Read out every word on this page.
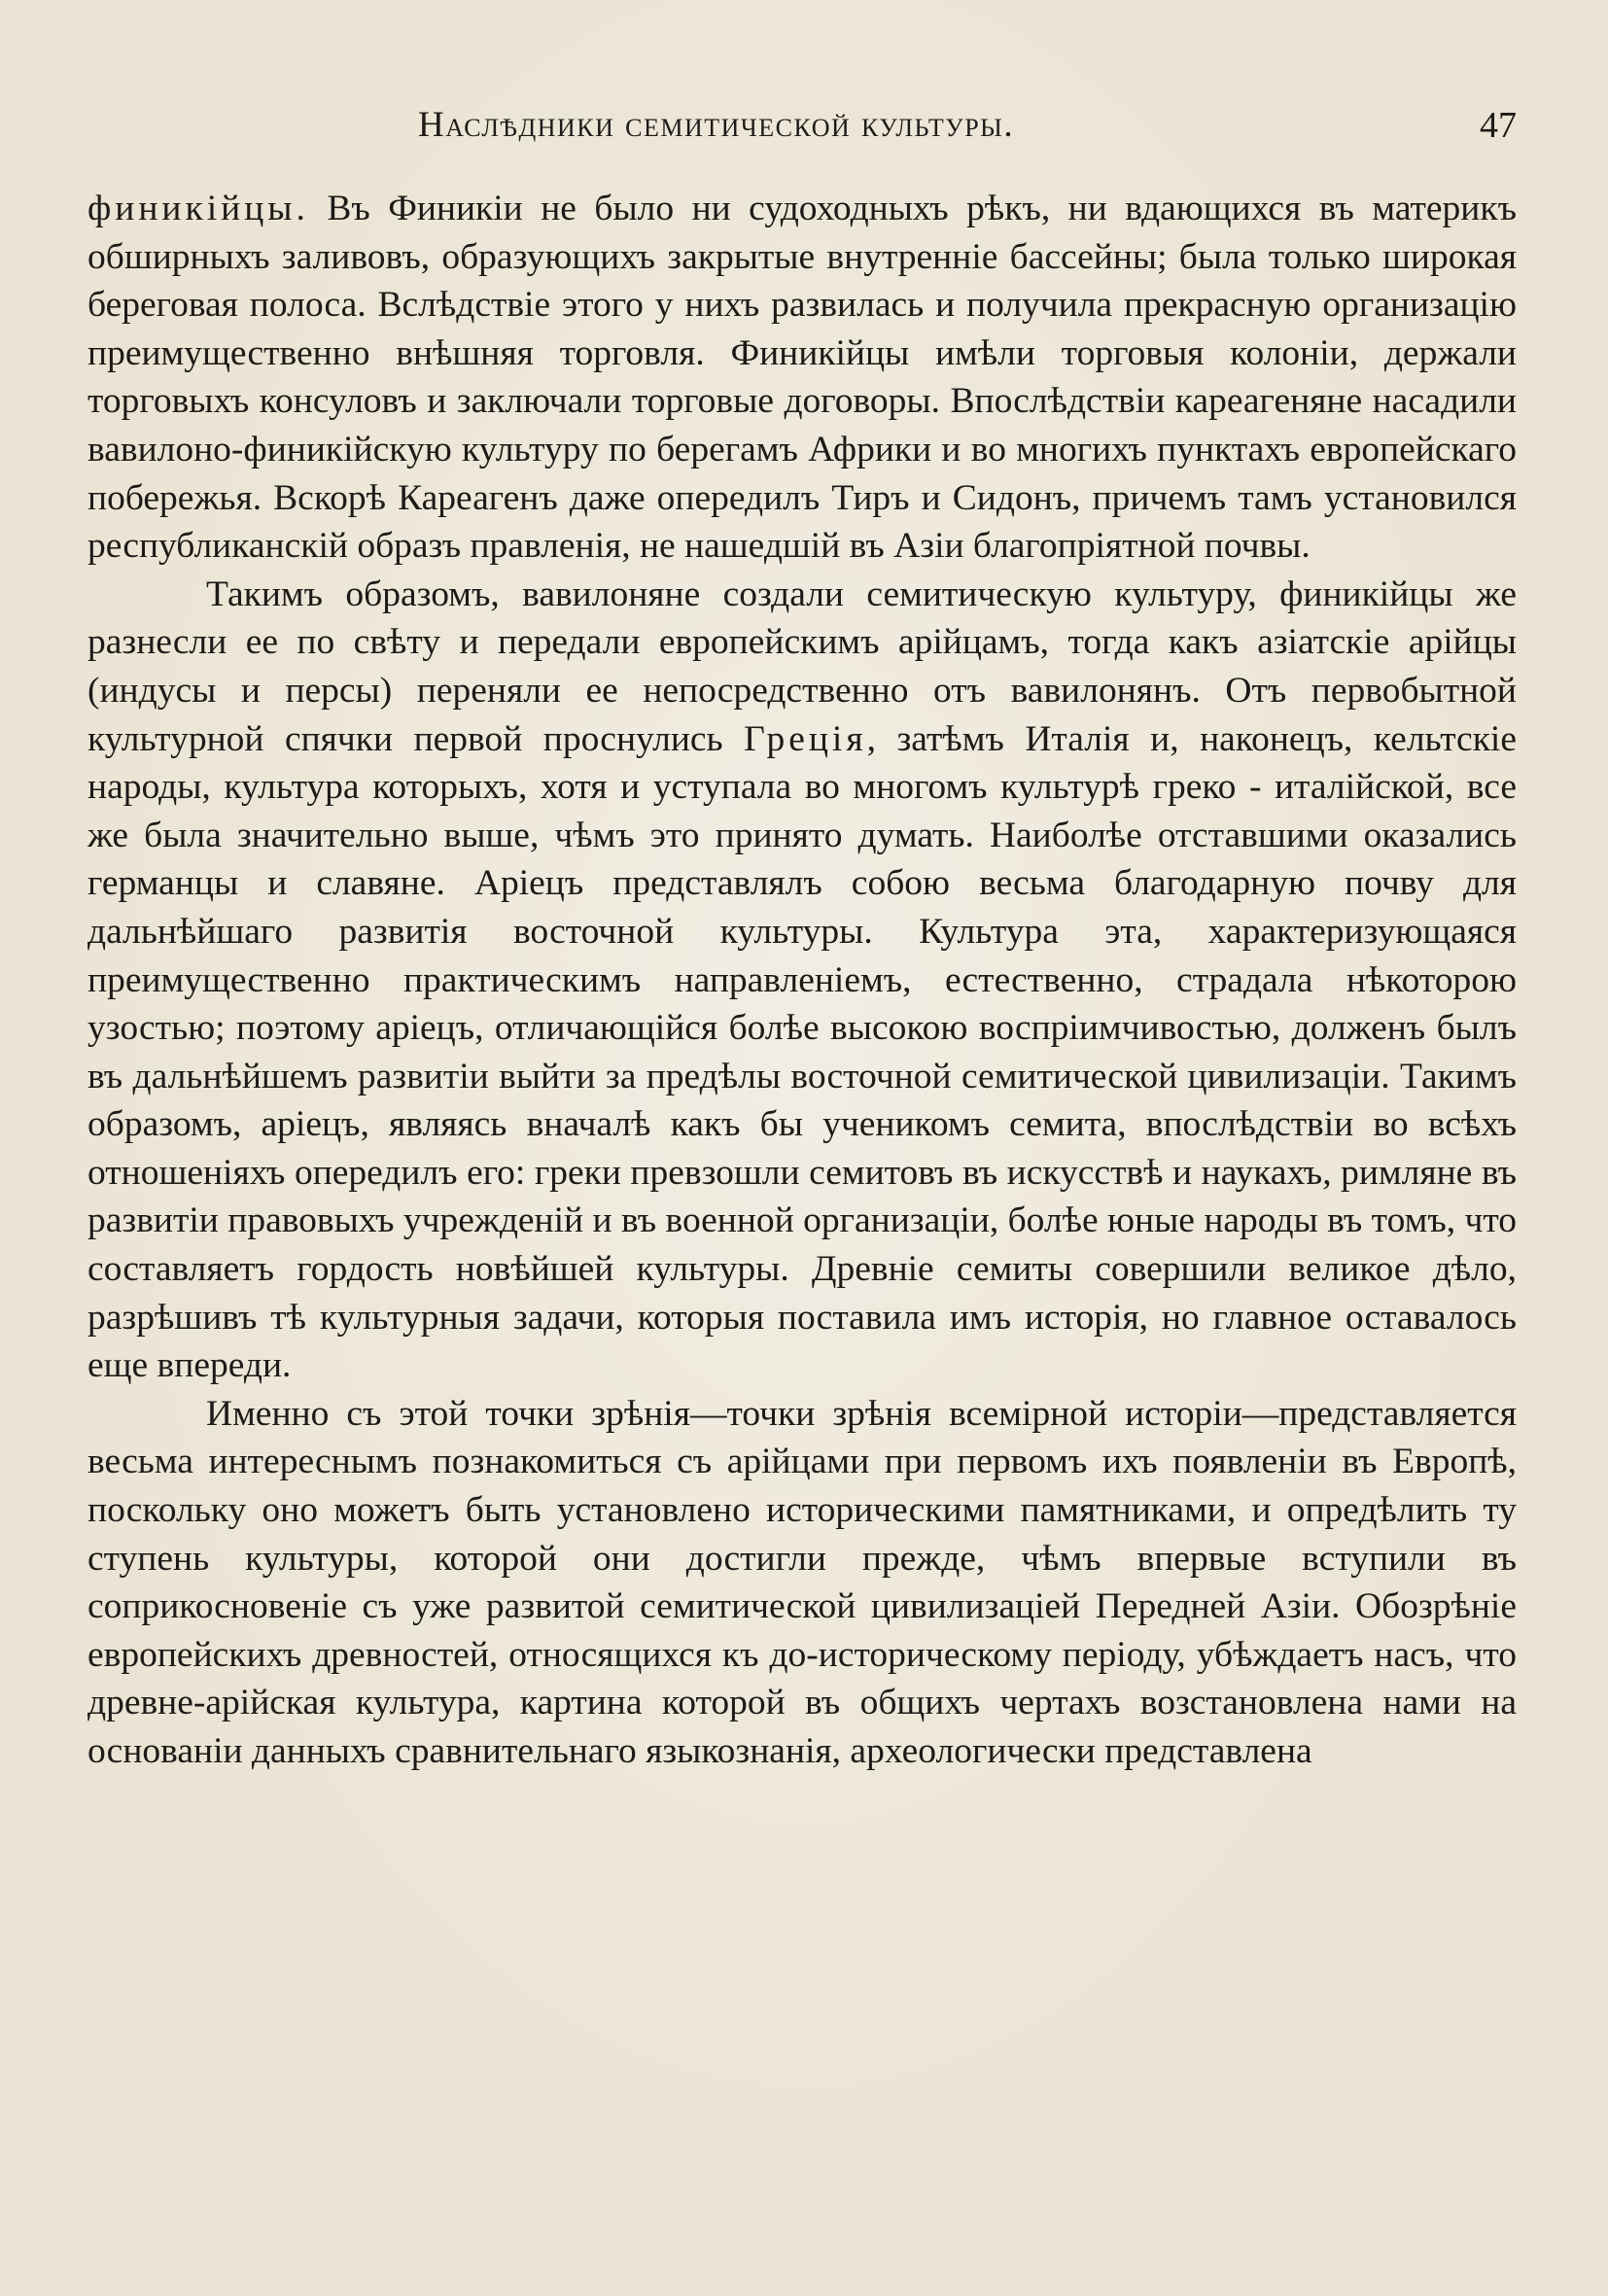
Наслѣдники семитической культуры.	47

финикійцы. Въ Финикіи не было ни судоходныхъ рѣкъ, ни вдающихся въ материкъ обширныхъ заливовъ, образующихъ закрытые внутренніе бассейны; была только широкая береговая полоса. Вслѣдствіе этого у нихъ развилась и получила прекрасную организацію преимущественно внѣшняя торговля. Финикійцы имѣли торговыя колоніи, держали торговыхъ консуловъ и заключали торговые договоры. Впослѣдствіи кареагеняне насадили вавилоно-финикійскую культуру по берегамъ Африки и во многихъ пунктахъ европейскаго побережья. Вскорѣ Кареагенъ даже опередилъ Тиръ и Сидонъ, причемъ тамъ установился республиканскій образъ правленія, не нашедшій въ Азіи благопріятной почвы.

Такимъ образомъ, вавилоняне создали семитическую культуру, финикійцы же разнесли ее по свѣту и передали европейскимъ арійцамъ, тогда какъ азіатскіе арійцы (индусы и персы) переняли ее непосредственно отъ вавилонянъ. Отъ первобытной культурной спячки первой проснулись Греція, затѣмъ Италія и, наконецъ, кельтскіе народы, культура которыхъ, хотя и уступала во многомъ культурѣ греко - италійской, все же была значительно выше, чѣмъ это принято думать. Наиболѣе отставшими оказались германцы и славяне. Аріецъ представлялъ собою весьма благодарную почву для дальнѣйшаго развитія восточной культуры. Культура эта, характеризующаяся преимущественно практическимъ направленіемъ, естественно, страдала нѣкоторою узостью; поэтому аріецъ, отличающійся болѣе высокою воспріимчивостью, долженъ былъ въ дальнѣйшемъ развитіи выйти за предѣлы восточной семитической цивилизаціи. Такимъ образомъ, аріецъ, являясь вначалѣ какъ бы ученикомъ семита, впослѣдствіи во всѣхъ отношеніяхъ опередилъ его: греки превзошли семитовъ въ искусствѣ и наукахъ, римляне въ развитіи правовыхъ учрежденій и въ военной организаціи, болѣе юные народы въ томъ, что составляетъ гордость новѣйшей культуры. Древніе семиты совершили великое дѣло, разрѣшивъ тѣ культурныя задачи, которыя поставила имъ исторія, но главное оставалось еще впереди.

Именно съ этой точки зрѣнія—точки зрѣнія всемірной исторіи—представляется весьма интереснымъ познакомиться съ арійцами при первомъ ихъ появленіи въ Европѣ, поскольку оно можетъ быть установлено историческими памятниками, и опредѣлить ту ступень культуры, которой они достигли прежде, чѣмъ впервые вступили въ соприкосновеніе съ уже развитой семитической цивилизаціей Передней Азіи. Обозрѣніе европейскихъ древностей, относящихся къ до-историческому періоду, убѣждаетъ насъ, что древне-арійская культура, картина которой въ общихъ чертахъ возстановлена нами на основаніи данныхъ сравнительнаго языкознанія, археологически представлена
